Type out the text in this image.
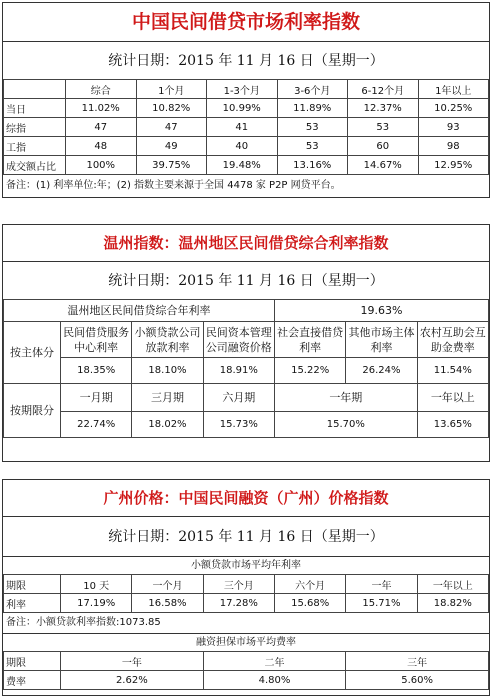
中国民间借贷市场利率指数
统计日期：2015 年 11 月 16 日（星期一）
	综合	1个月	1-3个月	3-6个月	6-12个月	1年以上
当日	11.02%	10.82%	10.99%	11.89%	12.37%	10.25%
综指	47	47	41	53	53	93
工指	48	49	40	53	60	98
成交额占比	100%	39.75%	19.48%	13.16%	14.67%	12.95%
备注：(1) 利率单位:年；(2) 指数主要来源于全国 4478 家 P2P 网贷平台。
温州指数：温州地区民间借贷综合利率指数
统计日期：2015 年 11 月 16 日（星期一）
温州地区民间借贷综合年利率				19.63%		
按主体分	民间借贷服务中心利率	小额贷款公司放款利率	民间资本管理公司融资价格	社会直接借贷利率	其他市场主体利率	农村互助会互助金费率
	18.35%	18.10%	18.91%	15.22%	26.24%	11.54%
按期限分	一月期	三月期	六月期	一年期		一年以上
	22.74%	18.02%	15.73%	15.70%		13.65%
广州价格：中国民间融资（广州）价格指数
统计日期：2015 年 11 月 16 日（星期一）
小额贷款市场平均年利率
期限	10 天	一个月	三个月	六个月	一年	一年以上
利率	17.19%	16.58%	17.28%	15.68%	15.71%	18.82%
备注：小额贷款利率指数:1073.85
融资担保市场平均费率
期限	一年	二年	三年
费率	2.62%	4.80%	5.60%
